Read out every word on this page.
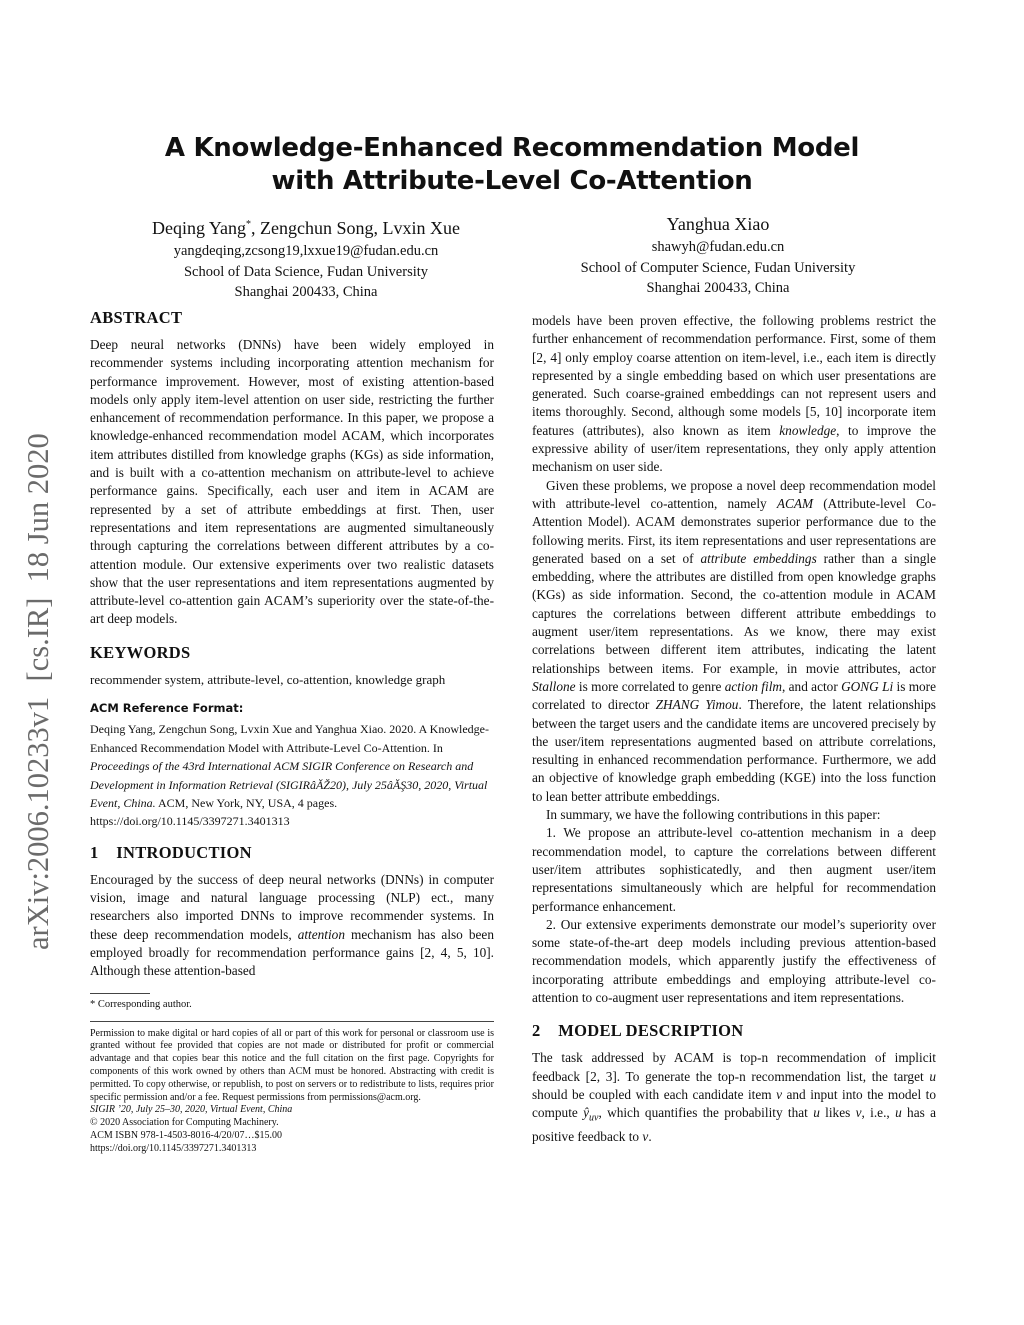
arXiv:2006.10233v1  [cs.IR]  18 Jun 2020
A Knowledge-Enhanced Recommendation Model
with Attribute-Level Co-Attention
Deqing Yang*, Zengchun Song, Lvxin Xue
yangdeqing,zcsong19,lxxue19@fudan.edu.cn
School of Data Science, Fudan University
Shanghai 200433, China
Yanghua Xiao
shawyh@fudan.edu.cn
School of Computer Science, Fudan University
Shanghai 200433, China
ABSTRACT

Deep neural networks (DNNs) have been widely employed in recommender systems including incorporating attention mechanism for performance improvement. However, most of existing attention-based models only apply item-level attention on user side, restricting the further enhancement of recommendation performance. In this paper, we propose a knowledge-enhanced recommendation model ACAM, which incorporates item attributes distilled from knowledge graphs (KGs) as side information, and is built with a co-attention mechanism on attribute-level to achieve performance gains. Specifically, each user and item in ACAM are represented by a set of attribute embeddings at first. Then, user representations and item representations are augmented simultaneously through capturing the correlations between different attributes by a co-attention module. Our extensive experiments over two realistic datasets show that the user representations and item representations augmented by attribute-level co-attention gain ACAM’s superiority over the state-of-the-art deep models.

KEYWORDS

recommender system, attribute-level, co-attention, knowledge graph

ACM Reference Format:

Deqing Yang, Zengchun Song, Lvxin Xue and Yanghua Xiao. 2020. A Knowledge-Enhanced Recommendation Model with Attribute-Level Co-Attention. In Proceedings of the 43rd International ACM SIGIR Conference on Research and Development in Information Retrieval (SIGIRâĂŽ20), July 25âĂŞ30, 2020, Virtual Event, China. ACM, New York, NY, USA, 4 pages. https://doi.org/10.1145/3397271.3401313

1 INTRODUCTION

Encouraged by the success of deep neural networks (DNNs) in computer vision, image and natural language processing (NLP) ect., many researchers also imported DNNs to improve recommender systems. In these deep recommendation models, attention mechanism has also been employed broadly for recommendation performance gains [2, 4, 5, 10]. Although these attention-based

* Corresponding author.
Permission to make digital or hard copies of all or part of this work for personal or classroom use is granted without fee provided that copies are not made or distributed for profit or commercial advantage and that copies bear this notice and the full citation on the first page. Copyrights for components of this work owned by others than ACM must be honored. Abstracting with credit is permitted. To copy otherwise, or republish, to post on servers or to redistribute to lists, requires prior specific permission and/or a fee. Request permissions from permissions@acm.org.
SIGIR ’20, July 25–30, 2020, Virtual Event, China
© 2020 Association for Computing Machinery.
ACM ISBN 978-1-4503-8016-4/20/07…$15.00
https://doi.org/10.1145/3397271.3401313

models have been proven effective, the following problems restrict the further enhancement of recommendation performance. First, some of them [2, 4] only employ coarse attention on item-level, i.e., each item is directly represented by a single embedding based on which user presentations are generated. Such coarse-grained embeddings can not represent users and items thoroughly. Second, although some models [5, 10] incorporate item features (attributes), also known as item knowledge, to improve the expressive ability of user/item representations, they only apply attention mechanism on user side.

Given these problems, we propose a novel deep recommendation model with attribute-level co-attention, namely ACAM (Attribute-level Co-Attention Model). ACAM demonstrates superior performance due to the following merits. First, its item representations and user representations are generated based on a set of attribute embeddings rather than a single embedding, where the attributes are distilled from open knowledge graphs (KGs) as side information. Second, the co-attention module in ACAM captures the correlations between different attribute embeddings to augment user/item representations. As we know, there may exist correlations between different item attributes, indicating the latent relationships between items. For example, in movie attributes, actor Stallone is more correlated to genre action film, and actor GONG Li is more correlated to director ZHANG Yimou. Therefore, the latent relationships between the target users and the candidate items are uncovered precisely by the user/item representations augmented based on attribute correlations, resulting in enhanced recommendation performance. Furthermore, we add an objective of knowledge graph embedding (KGE) into the loss function to lean better attribute embeddings.

In summary, we have the following contributions in this paper:

1. We propose an attribute-level co-attention mechanism in a deep recommendation model, to capture the correlations between different user/item attributes sophisticatedly, and then augment user/item representations simultaneously which are helpful for recommendation performance enhancement.

2. Our extensive experiments demonstrate our model’s superiority over some state-of-the-art deep models including previous attention-based recommendation models, which apparently justify the effectiveness of incorporating attribute embeddings and employing attribute-level co-attention to co-augment user representations and item representations.

2 MODEL DESCRIPTION

The task addressed by ACAM is top-n recommendation of implicit feedback [2, 3]. To generate the top-n recommendation list, the target u should be coupled with each candidate item v and input into the model to compute $ŷ_{uv}$, which quantifies the probability that u likes v, i.e., u has a positive feedback to v.
